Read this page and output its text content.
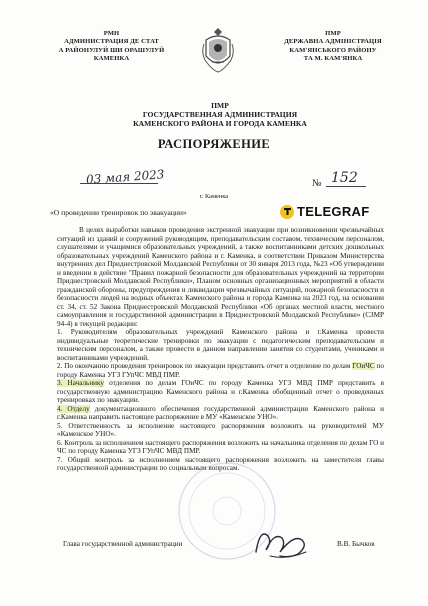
РМН
АДМИНИСТРАЦИЯ ДЕ СТАТ
А РАЙОНУЛУЙ ШИ ОРАШУЛУЙ
КАМЕНКА
ПМР
ДЕРЖАВНА АДМІНІСТРАЦІЯ
КАМ'ЯНСЬКОГО РАЙОНУ
ТА М. КАМ'ЯНКА
ПМР
ГОСУДАРСТВЕННАЯ АДМИНИСТРАЦИЯ
КАМЕНСКОГО РАЙОНА И ГОРОДА КАМЕНКА
РАСПОРЯЖЕНИЕ
03 мая 2023	№ 152
г. Каменка
«О проведении тренировок по эвакуации»	TELEGRAF

В целях выработки навыков проведения экстренной эвакуации при возникновении чрезвычайных ситуаций из зданий и сооружений руководящим, преподавательским составом, техническим персоналом, слушателями и учащимися образовательных учреждений, а также воспитанниками детских дошкольных образовательных учреждений Каменского района и г. Каменка, в соответствии Приказом Министерства внутренних дел Приднестровской Молдавской Республики от 30 января 2013 года, №23 «Об утверждении и введении в действие "Правил пожарной безопасности для образовательных учреждений на территории Приднестровской Молдавской Республики», Планом основных организационных мероприятий в области гражданской обороны, предупреждения и ликвидации чрезвычайных ситуаций, пожарной безопасности и безопасности людей на водных объектах Каменского района и города Каменка на 2023 год, на основании ст. 34, ст. 52 Закона Приднестровской Молдавской Республики «Об органах местной власти, местного самоуправления и государственной администрации в Приднестровской Молдавской Республике» (СЗМР 94-4) в текущей редакции:

1. Руководителям образовательных учреждений Каменского района и г.Каменка провести индивидуальные теоретические тренировки по эвакуации с педагогическим преподавательским и техническим персоналом, а также провести в данном направлении занятия со студентами, учениками и воспитанниками учреждений.

2. По окончанию проведения тренировок по эвакуации представить отчет в отделение по делам ГОиЧС по городу Каменка УГЗ ГУпЧС МВД ПМР.

3. Начальнику отделения по делам ГОиЧС по городу Каменка УГЗ МВД ПМР представить в государственную администрацию Каменского района и г.Каменка обобщенный отчет о проведенных тренировках по эвакуации.

4. Отделу документационного обеспечения государственной администрации Каменского района и г.Каменка направить настоящее распоряжение в МУ «Каменское УНО».

5. Ответственность за исполнение настоящего распоряжения возложить на руководителей МУ «Каменское УНО».

6. Контроль за исполнением настоящего распоряжения возложить на начальника отделения по делам ГО и ЧС по городу Каменка УГЗ ГУпЧС МВД ПМР.

7. Общий контроль за исполнением настоящего распоряжения возложить на заместителя главы государственной администрации по социальным вопросам.

Глава государственной администрации	В.В. Бычков
